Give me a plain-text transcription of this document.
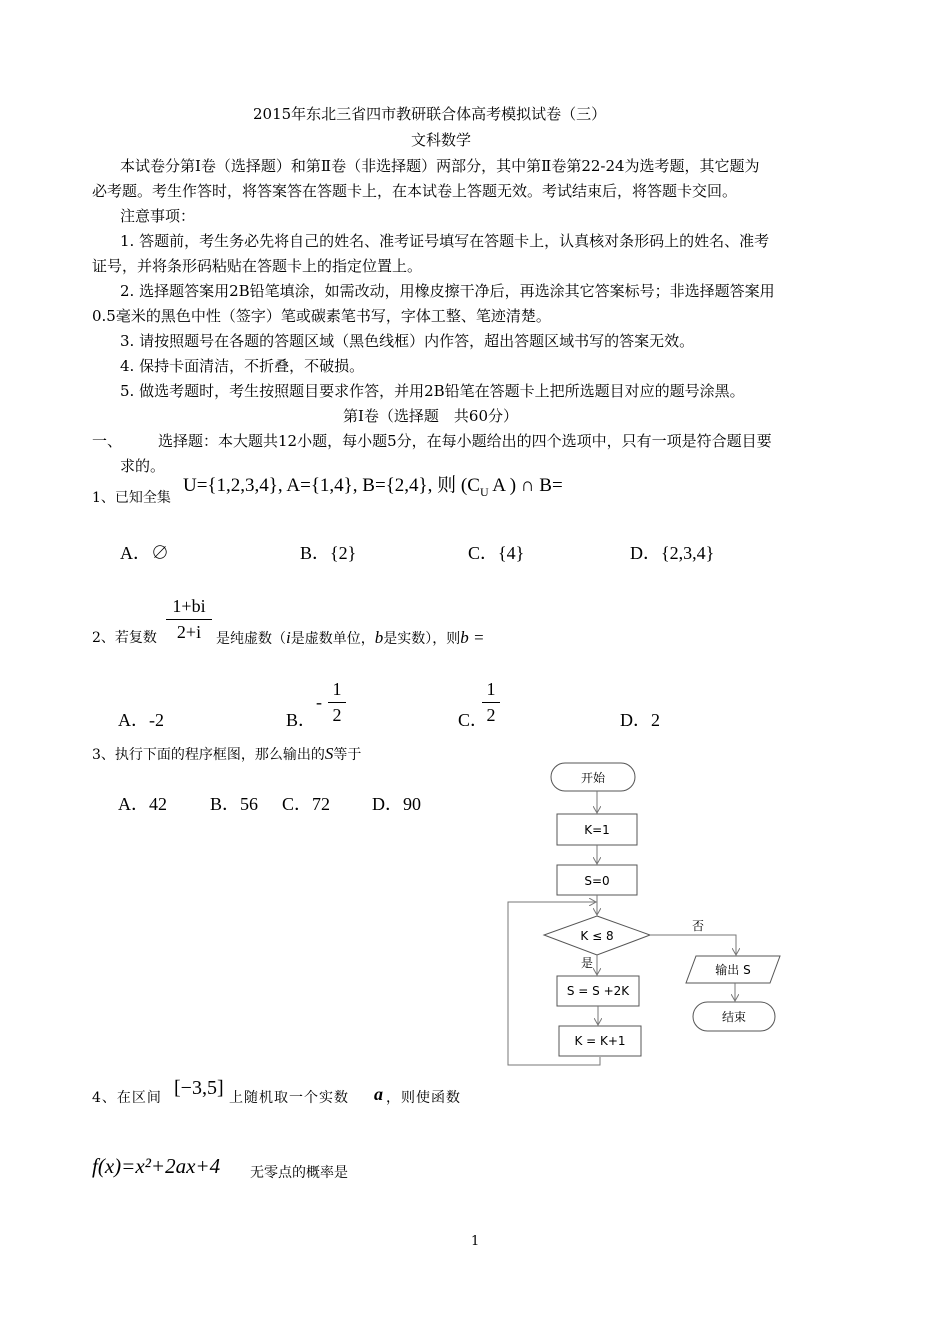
2015年东北三省四市教研联合体高考模拟试卷（三）
文科数学
本试卷分第Ⅰ卷（选择题）和第Ⅱ卷（非选择题）两部分，其中第Ⅱ卷第22-24为选考题，其它题为
必考题。考生作答时，将答案答在答题卡上，在本试卷上答题无效。考试结束后，将答题卡交回。
注意事项：
1. 答题前，考生务必先将自己的姓名、准考证号填写在答题卡上，认真核对条形码上的姓名、准考
证号，并将条形码粘贴在答题卡上的指定位置上。
2. 选择题答案用2B铅笔填涂，如需改动，用橡皮擦干净后，再选涂其它答案标号；非选择题答案用
0.5毫米的黑色中性（签字）笔或碳素笔书写，字体工整、笔迹清楚。
3. 请按照题号在各题的答题区域（黑色线框）内作答，超出答题区域书写的答案无效。
4. 保持卡面清洁，不折叠，不破损。
5. 做选考题时，考生按照题目要求作答，并用2B铅笔在答题卡上把所选题目对应的题号涂黑。
第Ⅰ卷（选择题　共60分）
一、 选择题：本大题共12小题，每小题5分，在每小题给出的四个选项中，只有一项是符合题目要
求的。
1、已知全集
U={1,2,3,4}, A={1,4}, B={2,4}, 则 ($C_U$ A ) ∩ B=
A．∅	B．{2}	C．{4}	D．{2,3,4}
2、若复数
1+bi
2+i	是纯虚数（i是虚数单位，b是实数），则b =
A．-2	B．
-
1
2	C．
1
2	D．2
3、执行下面的程序框图，那么输出的S等于
A．42 B．56 C．72 D．90
开始
K=1
S=0
K ≤ 8
否
输出 S
结束
是
S = S +2K
K = K+1
4、在区间 [−3,5] 上随机取一个实数 a ，则使函数
f(x)=x²+2ax+4 无零点的概率是
1
